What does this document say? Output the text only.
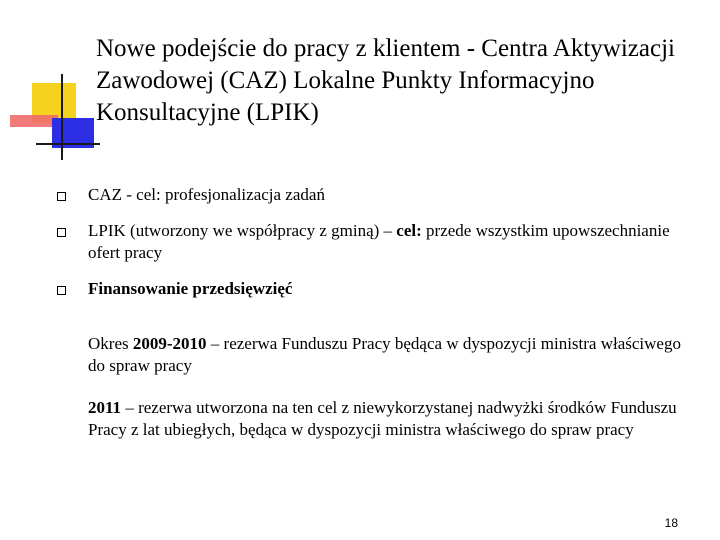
Nowe podejście do pracy z klientem - Centra Aktywizacji Zawodowej (CAZ) Lokalne Punkty Informacyjno Konsultacyjne (LPIK)
CAZ - cel: profesjonalizacja zadań
LPIK (utworzony we współpracy z gminą) – cel: przede wszystkim upowszechnianie ofert pracy
Finansowanie przedsięwzięć

Okres 2009-2010 – rezerwa Funduszu Pracy będąca w dyspozycji ministra właściwego do spraw pracy

2011 – rezerwa utworzona na ten cel z niewykorzystanej nadwyżki środków Funduszu Pracy z lat ubiegłych, będąca w dyspozycji ministra właściwego do spraw pracy

18
